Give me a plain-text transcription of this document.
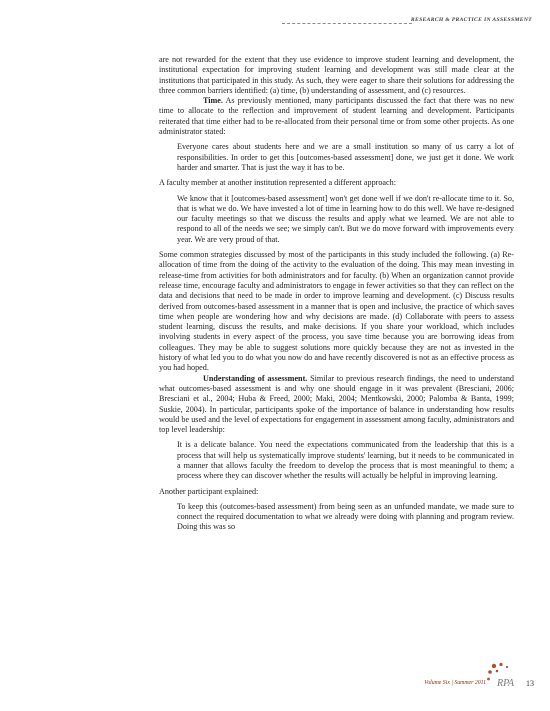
RESEARCH & PRACTICE IN ASSESSMENT

are not rewarded for the extent that they use evidence to improve student learning and development, the institutional expectation for improving student learning and development was still made clear at the institutions that participated in this study. As such, they were eager to share their solutions for addressing the three common barriers identified: (a) time, (b) understanding of assessment, and (c) resources.

Time. As previously mentioned, many participants discussed the fact that there was no new time to allocate to the reflection and improvement of student learning and development. Participants reiterated that time either had to be re-allocated from their personal time or from some other projects. As one administrator stated:

Everyone cares about students here and we are a small institution so many of us carry a lot of responsibilities. In order to get this [outcomes-based assessment] done, we just get it done. We work harder and smarter. That is just the way it has to be.

A faculty member at another institution represented a different approach:

We know that it [outcomes-based assessment] won't get done well if we don't re-allocate time to it. So, that is what we do. We have invested a lot of time in learning how to do this well. We have re-designed our faculty meetings so that we discuss the results and apply what we learned. We are not able to respond to all of the needs we see; we simply can't. But we do move forward with improvements every year. We are very proud of that.

Some common strategies discussed by most of the participants in this study included the following. (a) Re-allocation of time from the doing of the activity to the evaluation of the doing. This may mean investing in release-time from activities for both administrators and for faculty. (b) When an organization cannot provide release time, encourage faculty and administrators to engage in fewer activities so that they can reflect on the data and decisions that need to be made in order to improve learning and development. (c) Discuss results derived from outcomes-based assessment in a manner that is open and inclusive, the practice of which saves time when people are wondering how and why decisions are made. (d) Collaborate with peers to assess student learning, discuss the results, and make decisions. If you share your workload, which includes involving students in every aspect of the process, you save time because you are borrowing ideas from colleagues. They may be able to suggest solutions more quickly because they are not as invested in the history of what led you to do what you now do and have recently discovered is not as an effective process as you had hoped.

Understanding of assessment. Similar to previous research findings, the need to understand what outcomes-based assessment is and why one should engage in it was prevalent (Bresciani, 2006; Bresciani et al., 2004; Huba & Freed, 2000; Maki, 2004; Mentkowski, 2000; Palomba & Banta, 1999; Suskie, 2004). In particular, participants spoke of the importance of balance in understanding how results would be used and the level of expectations for engagement in assessment among faculty, administrators and top level leadership:

It is a delicate balance. You need the expectations communicated from the leadership that this is a process that will help us systematically improve students' learning, but it needs to be communicated in a manner that allows faculty the freedom to develop the process that is most meaningful to them; a process where they can discover whether the results will actually be helpful in improving learning.

Another participant explained:

To keep this (outcomes-based assessment) from being seen as an unfunded mandate, we made sure to connect the required documentation to what we already were doing with planning and program review. Doing this was so

Volume Six | Summer 2011 RPA 13
